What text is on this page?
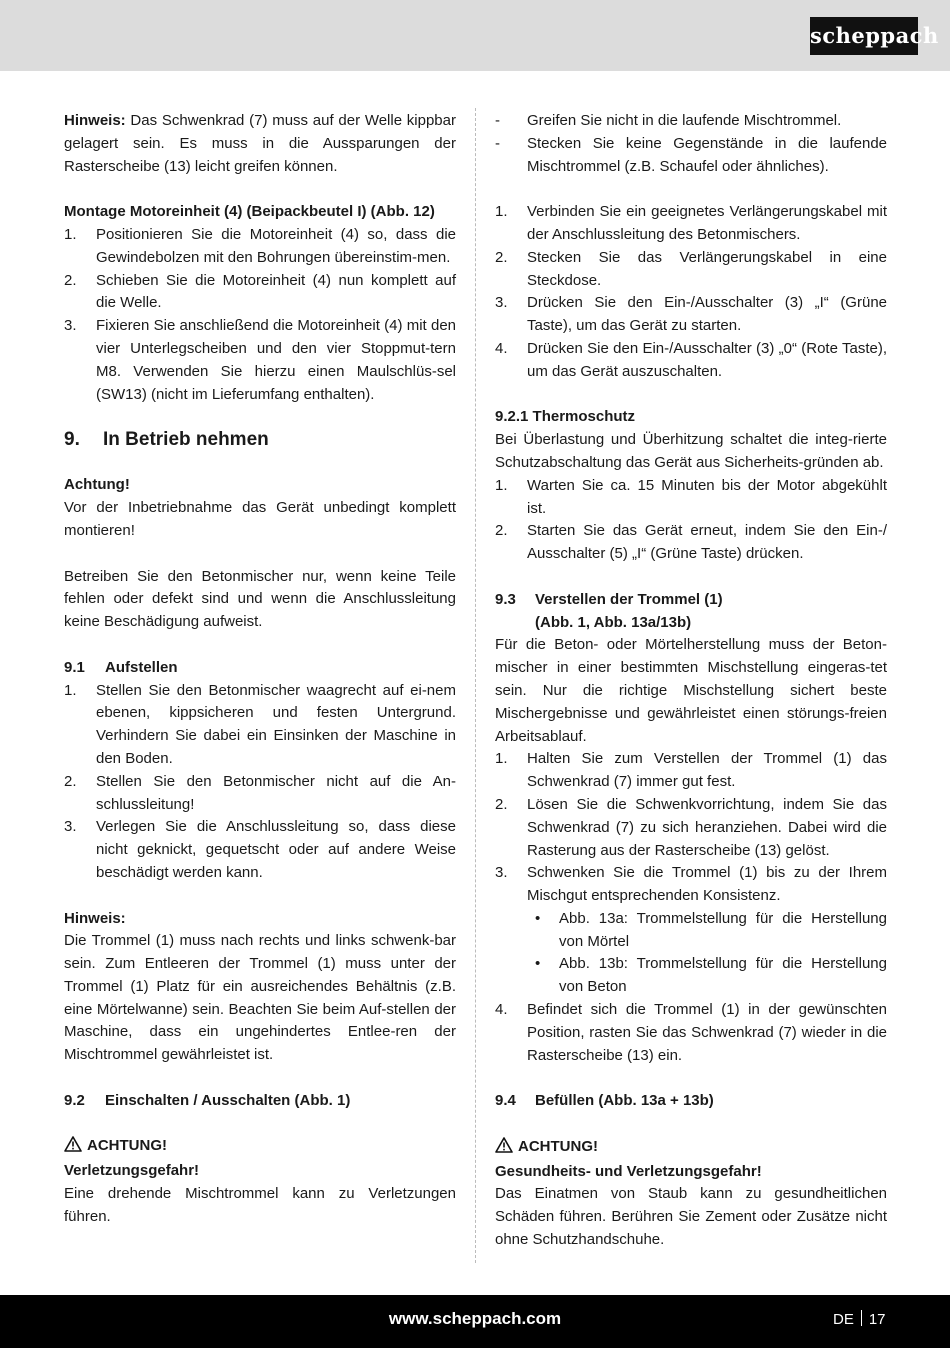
scheppach

Hinweis: Das Schwenkrad (7) muss auf der Welle kippbar gelagert sein. Es muss in die Aussparungen der Rasterscheibe (13) leicht greifen können.

Montage Motoreinheit (4) (Beipackbeutel I) (Abb. 12)

1.	Positionieren Sie die Motoreinheit (4) so, dass die Gewindebolzen mit den Bohrungen übereinstim-men.
2.	Schieben Sie die Motoreinheit (4) nun komplett auf die Welle.
3.	Fixieren Sie anschließend die Motoreinheit (4) mit den vier Unterlegscheiben und den vier Stoppmut-tern M8. Verwenden Sie hierzu einen Maulschlüs-sel (SW13) (nicht im Lieferumfang enthalten).
9.	In Betrieb nehmen

Achtung!

Vor der Inbetriebnahme das Gerät unbedingt komplett montieren!

Betreiben Sie den Betonmischer nur, wenn keine Teile fehlen oder defekt sind und wenn die Anschlussleitung keine Beschädigung aufweist.

9.1	Aufstellen
1.	Stellen Sie den Betonmischer waagrecht auf ei-nem ebenen, kippsicheren und festen Untergrund. Verhindern Sie dabei ein Einsinken der Maschine in den Boden.
2.	Stellen Sie den Betonmischer nicht auf die An-schlussleitung!
3.	Verlegen Sie die Anschlussleitung so, dass diese nicht geknickt, gequetscht oder auf andere Weise beschädigt werden kann.

Hinweis:

Die Trommel (1) muss nach rechts und links schwenk-bar sein. Zum Entleeren der Trommel (1) muss unter der Trommel (1) Platz für ein ausreichendes Behältnis (z.B. eine Mörtelwanne) sein. Beachten Sie beim Auf-stellen der Maschine, dass ein ungehindertes Entlee-ren der Mischtrommel gewährleistet ist.

9.2	Einschalten / Ausschalten (Abb. 1)

ACHTUNG!

Verletzungsgefahr!

Eine drehende Mischtrommel kann zu Verletzungen führen.

-	Greifen Sie nicht in die laufende Mischtrommel.
-	Stecken Sie keine Gegenstände in die laufende Mischtrommel (z.B. Schaufel oder ähnliches).
1.	Verbinden Sie ein geeignetes Verlängerungskabel mit der Anschlussleitung des Betonmischers.
2.	Stecken Sie das Verlängerungskabel in eine Steckdose.
3.	Drücken Sie den Ein-/Ausschalter (3) „I“ (Grüne Taste), um das Gerät zu starten.
4.	Drücken Sie den Ein-/Ausschalter (3) „0“ (Rote Taste), um das Gerät auszuschalten.

9.2.1 Thermoschutz

Bei Überlastung und Überhitzung schaltet die integ-rierte Schutzabschaltung das Gerät aus Sicherheits-gründen ab.

1.	Warten Sie ca. 15 Minuten bis der Motor abgekühlt ist.
2.	Starten Sie das Gerät erneut, indem Sie den Ein-/ Ausschalter (5) „I“ (Grüne Taste) drücken.
9.3	Verstellen der Trommel (1)
(Abb. 1, Abb. 13a/13b)

Für die Beton- oder Mörtelherstellung muss der Beton-mischer in einer bestimmten Mischstellung eingeras-tet sein. Nur die richtige Mischstellung sichert beste Mischergebnisse und gewährleistet einen störungs-freien Arbeitsablauf.

1.	Halten Sie zum Verstellen der Trommel (1) das Schwenkrad (7) immer gut fest.
2.	Lösen Sie die Schwenkvorrichtung, indem Sie das Schwenkrad (7) zu sich heranziehen. Dabei wird die Rasterung aus der Rasterscheibe (13) gelöst.
3.	Schwenken Sie die Trommel (1) bis zu der Ihrem Mischgut entsprechenden Konsistenz.
•	Abb. 13a: Trommelstellung für die Herstellung von Mörtel
•	Abb. 13b: Trommelstellung für die Herstellung von Beton
4.	Befindet sich die Trommel (1) in der gewünschten Position, rasten Sie das Schwenkrad (7) wieder in die Rasterscheibe (13) ein.
9.4	Befüllen (Abb. 13a + 13b)

ACHTUNG!

Gesundheits- und Verletzungsgefahr!

Das Einatmen von Staub kann zu gesundheitlichen Schäden führen. Berühren Sie Zement oder Zusätze nicht ohne Schutzhandschuhe.

www.scheppach.com	DE 17
